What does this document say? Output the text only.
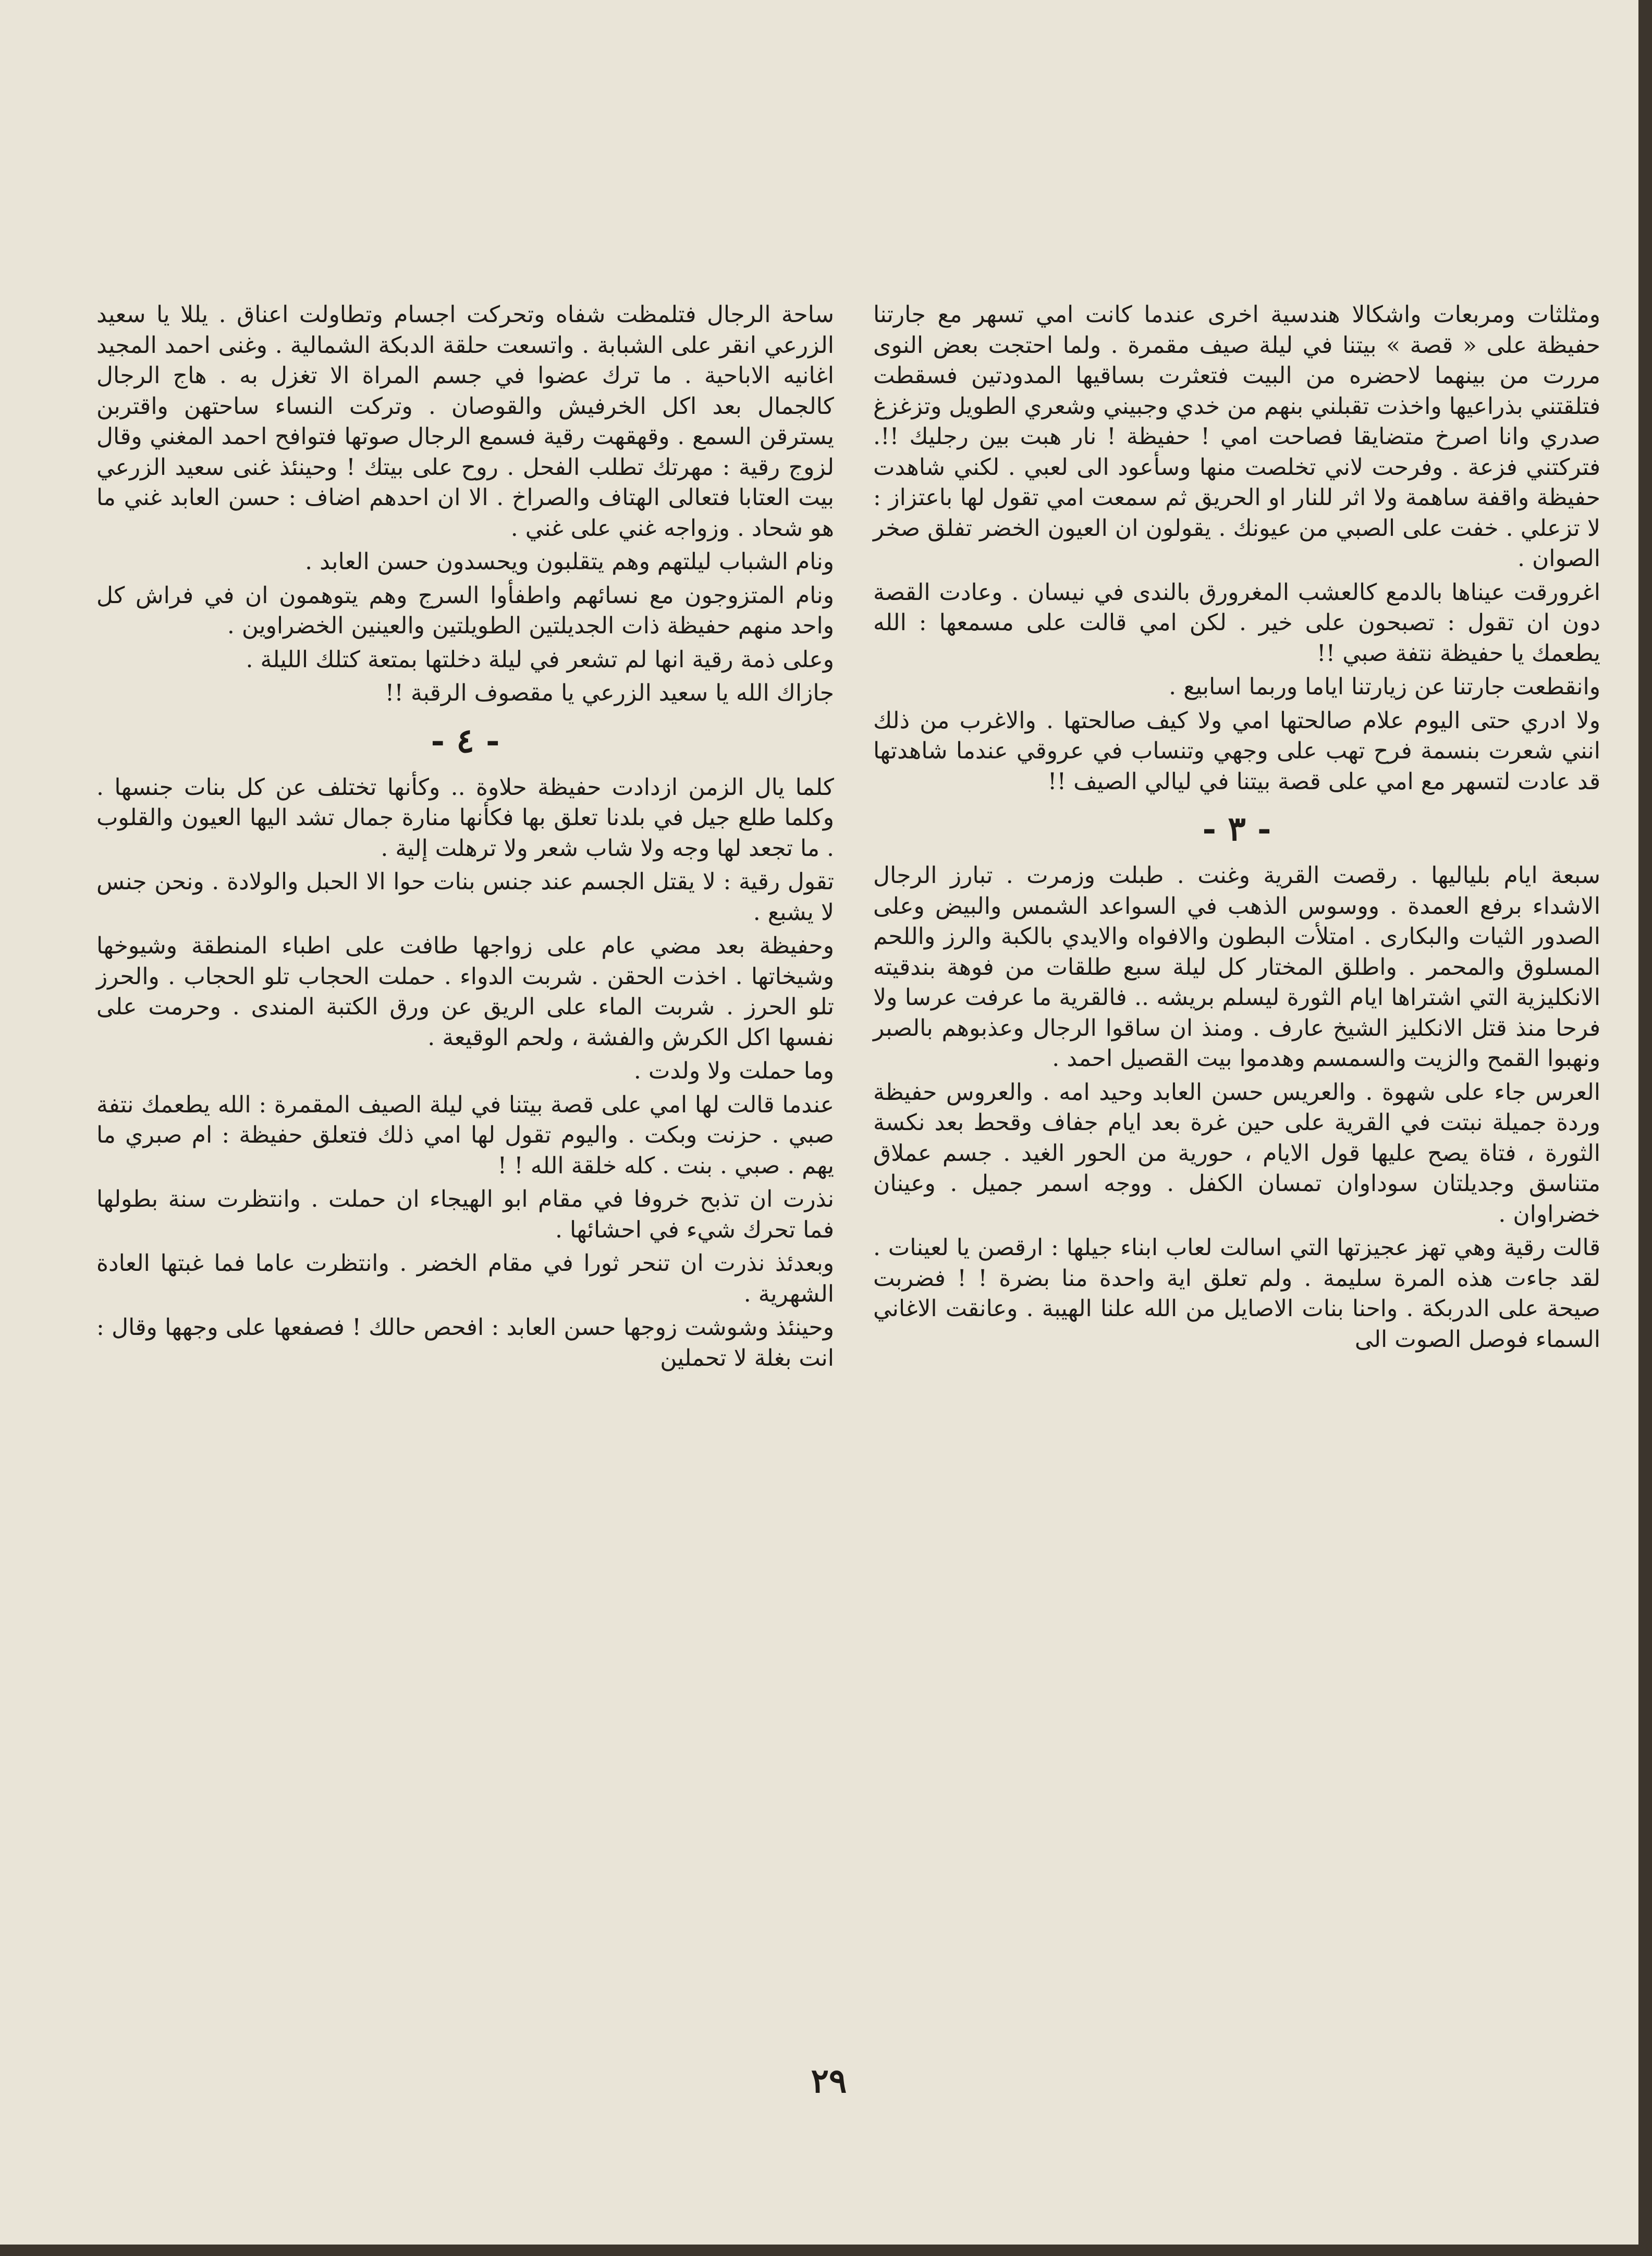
ومثلثات ومربعات واشكالا هندسية اخرى عندما كانت امي تسهر مع جارتنا حفيظة على « قصة » بيتنا في ليلة صيف مقمرة . ولما احتجت بعض النوى مررت من بينهما لاحضره من البيت فتعثرت بساقيها المدودتين فسقطت فتلقتني بذراعيها واخذت تقبلني بنهم من خدي وجبيني وشعري الطويل وتزغزغ صدري وانا اصرخ متضايقا فصاحت امي ! حفيظة ! نار هبت بين رجليك !!. فتركتني فزعة . وفرحت لاني تخلصت منها وسأعود الى لعبي . لكني شاهدت حفيظة واقفة ساهمة ولا اثر للنار او الحريق ثم سمعت امي تقول لها باعتزاز : لا تزعلي . خفت على الصبي من عيونك . يقولون ان العيون الخضر تفلق صخر الصوان .

اغرورقت عيناها بالدمع كالعشب المغرورق بالندى في نيسان . وعادت القصة دون ان تقول : تصبحون على خير . لكن امي قالت على مسمعها : الله يطعمك يا حفيظة نتفة صبي !!

وانقطعت جارتنا عن زيارتنا اياما وربما اسابيع .

ولا ادري حتى اليوم علام صالحتها امي ولا كيف صالحتها . والاغرب من ذلك انني شعرت بنسمة فرح تهب على وجهي وتنساب في عروقي عندما شاهدتها قد عادت لتسهر مع امي على قصة بيتنا في ليالي الصيف !!

- ٣ -

سبعة ايام بلياليها . رقصت القرية وغنت . طبلت وزمرت . تبارز الرجال الاشداء برفع العمدة . ووسوس الذهب في السواعد الشمس والبيض وعلى الصدور الثيات والبكارى . امتلأت البطون والافواه والايدي بالكبة والرز واللحم المسلوق والمحمر . واطلق المختار كل ليلة سبع طلقات من فوهة بندقيته الانكليزية التي اشتراها ايام الثورة ليسلم بريشه .. فالقرية ما عرفت عرسا ولا فرحا منذ قتل الانكليز الشيخ عارف . ومنذ ان ساقوا الرجال وعذبوهم بالصبر ونهبوا القمح والزيت والسمسم وهدموا بيت القصيل احمد .

العرس جاء على شهوة . والعريس حسن العابد وحيد امه . والعروس حفيظة وردة جميلة نبتت في القرية على حين غرة بعد ايام جفاف وقحط بعد نكسة الثورة ، فتاة يصح عليها قول الايام ، حورية من الحور الغيد . جسم عملاق متناسق وجديلتان سوداوان تمسان الكفل . ووجه اسمر جميل . وعينان خضراوان .

قالت رقية وهي تهز عجيزتها التي اسالت لعاب ابناء جيلها : ارقصن يا لعينات . لقد جاءت هذه المرة سليمة . ولم تعلق اية واحدة منا بضرة ! ! فضربت صيحة على الدربكة . واحنا بنات الاصايل من الله علنا الهيبة . وعانقت الاغاني السماء فوصل الصوت الى

ساحة الرجال فتلمظت شفاه وتحركت اجسام وتطاولت اعناق . يللا يا سعيد الزرعي انقر على الشبابة . واتسعت حلقة الدبكة الشمالية . وغنى احمد المجيد اغانيه الاباحية . ما ترك عضوا في جسم المراة الا تغزل به . هاج الرجال كالجمال بعد اكل الخرفيش والقوصان . وتركت النساء ساحتهن واقتربن يسترقن السمع . وقهقهت رقية فسمع الرجال صوتها فتوافح احمد المغني وقال لزوج رقية : مهرتك تطلب الفحل . روح على بيتك ! وحينئذ غنى سعيد الزرعي بيت العتابا فتعالى الهتاف والصراخ . الا ان احدهم اضاف : حسن العابد غني ما هو شحاد . وزواجه غني على غني .

ونام الشباب ليلتهم وهم يتقلبون ويحسدون حسن العابد .

ونام المتزوجون مع نسائهم واطفأوا السرج وهم يتوهمون ان في فراش كل واحد منهم حفيظة ذات الجديلتين الطويلتين والعينين الخضراوين .

وعلى ذمة رقية انها لم تشعر في ليلة دخلتها بمتعة كتلك الليلة .

جازاك الله يا سعيد الزرعي يا مقصوف الرقبة !!

- ٤ -

كلما يال الزمن ازدادت حفيظة حلاوة .. وكأنها تختلف عن كل بنات جنسها . وكلما طلع جيل في بلدنا تعلق بها فكأنها منارة جمال تشد اليها العيون والقلوب . ما تجعد لها وجه ولا شاب شعر ولا ترهلت إلية .

تقول رقية : لا يقتل الجسم عند جنس بنات حوا الا الحبل والولادة . ونحن جنس لا يشبع .

وحفيظة بعد مضي عام على زواجها طافت على اطباء المنطقة وشيوخها وشيخاتها . اخذت الحقن . شربت الدواء . حملت الحجاب تلو الحجاب . والحرز تلو الحرز . شربت الماء على الريق عن ورق الكتبة المندى . وحرمت على نفسها اكل الكرش والفشة ، ولحم الوقيعة .

وما حملت ولا ولدت .

عندما قالت لها امي على قصة بيتنا في ليلة الصيف المقمرة : الله يطعمك نتفة صبي . حزنت وبكت . واليوم تقول لها امي ذلك فتعلق حفيظة : ام صبري ما يهم . صبي . بنت . كله خلقة الله ! !

نذرت ان تذبح خروفا في مقام ابو الهيجاء ان حملت . وانتظرت سنة بطولها فما تحرك شيء في احشائها .

وبعدئذ نذرت ان تنحر ثورا في مقام الخضر . وانتظرت عاما فما غبتها العادة الشهرية .

وحينئذ وشوشت زوجها حسن العابد : افحص حالك ! فصفعها على وجهها وقال : انت بغلة لا تحملين

٢٩
